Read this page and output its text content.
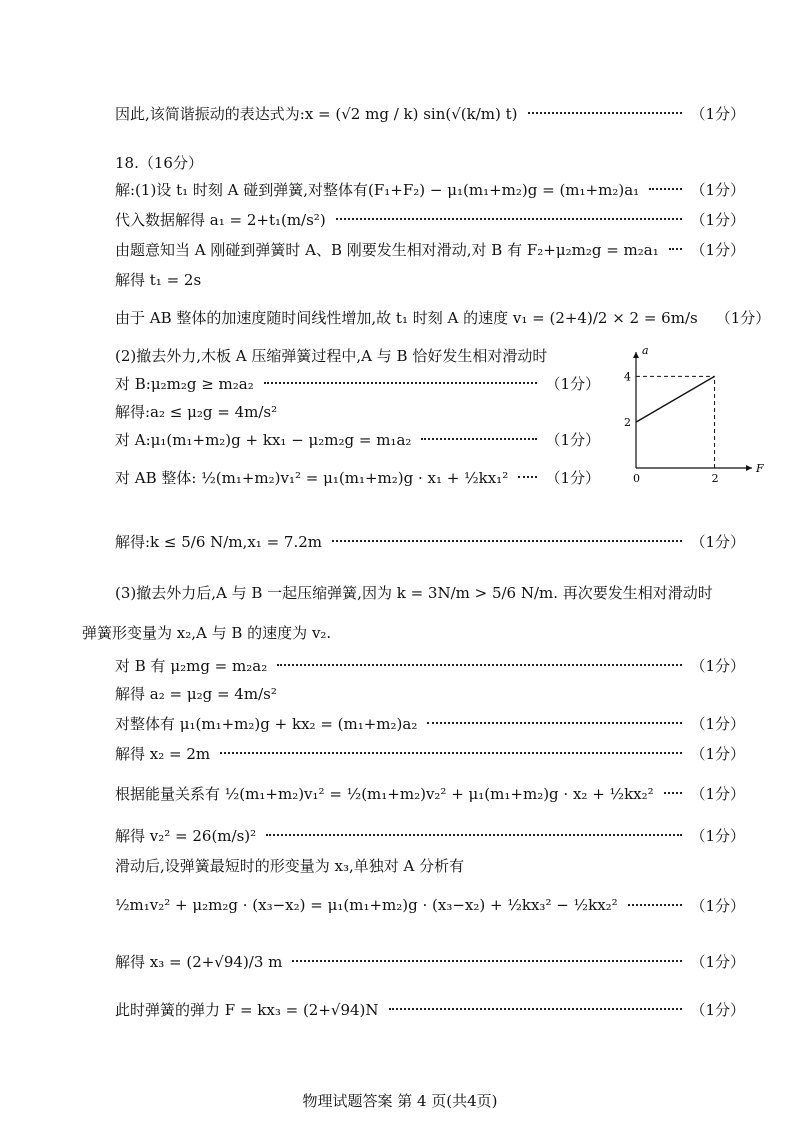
因此,该简谐振动的表达式为:x = (√2 mg / k) sin(√(k/m) t)	（1分）
18.（16分）
解:(1)设 t₁ 时刻 A 碰到弹簧,对整体有(F₁+F₂) − μ₁(m₁+m₂)g = (m₁+m₂)a₁	（1分）
代入数据解得 a₁ = 2+t₁(m/s²)	（1分）
由题意知当 A 刚碰到弹簧时 A、B 刚要发生相对滑动,对 B 有 F₂+μ₂m₂g = m₂a₁ （1分）
解得 t₁ = 2s
由于 AB 整体的加速度随时间线性增加,故 t₁ 时刻 A 的速度 v₁ = (2+4)/2 × 2 = 6m/s （1分）
(2)撤去外力,木板 A 压缩弹簧过程中,A 与 B 恰好发生相对滑动时
对 B:μ₂m₂g ≥ m₂a₂	（1分）
解得:a₂ ≤ μ₂g = 4m/s²
对 A:μ₁(m₁+m₂)g + kx₁ − μ₂m₂g = m₁a₂	（1分）
对 AB 整体: ½(m₁+m₂)v₁² = μ₁(m₁+m₂)g · x₁ + ½kx₁² （1分）
解得:k ≤ 5/6 N/m,x₁ = 7.2m	（1分）
(3)撤去外力后,A 与 B 一起压缩弹簧,因为 k = 3N/m > 5/6 N/m. 再次要发生相对滑动时
弹簧形变量为 x₂,A 与 B 的速度为 v₂.
对 B 有 μ₂mg = m₂a₂	（1分）
解得 a₂ = μ₂g = 4m/s²
对整体有 μ₁(m₁+m₂)g + kx₂ = (m₁+m₂)a₂	（1分）
解得 x₂ = 2m	（1分）
根据能量关系有 ½(m₁+m₂)v₁² = ½(m₁+m₂)v₂² + μ₁(m₁+m₂)g · x₂ + ½kx₂² （1分）
解得 v₂² = 26(m/s)²	（1分）
滑动后,设弹簧最短时的形变量为 x₃,单独对 A 分析有
½m₁v₂² + μ₂m₂g · (x₃−x₂) = μ₁(m₁+m₂)g · (x₃−x₂) + ½kx₃² − ½kx₂²	（1分）
解得 x₃ = (2+√94)/3 m	（1分）
此时弹簧的弹力 F = kx₃ = (2+√94)N	（1分）
F
a
0	2
2
4
物理试题答案 第 4 页(共4页)
